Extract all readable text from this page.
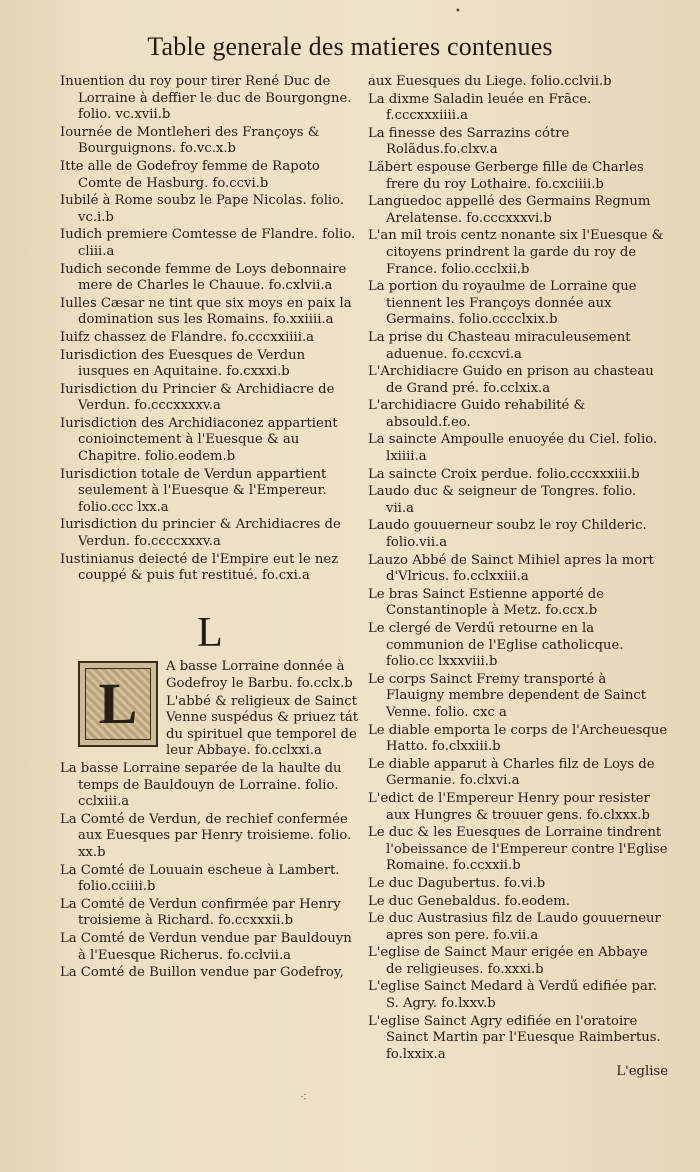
•
Table generale des matieres contenues
Inuention du roy pour tirer René Duc de Lorraine à deffier le duc de Bourgongne. folio. vc.xvii.b
Iournée de Montleheri des Françoys & Bourguignons. fo.vc.x.b
Itte alle de Godefroy femme de Rapoto Comte de Hasburg. fo.ccvi.b
Iubilé à Rome soubz le Pape Nicolas. folio. vc.i.b
Iudich premiere Comtesse de Flandre. folio. cliii.a
Iudich seconde femme de Loys debonnaire mere de Charles le Chauue. fo.cxlvii.a
Iulles Cæsar ne tint que six moys en paix la domination sus les Romains. fo.xxiiii.a
Iuifz chassez de Flandre. fo.cccxxiiii.a
Iurisdiction des Euesques de Verdun iusques en Aquitaine. fo.cxxxi.b
Iurisdiction du Princier & Archidiacre de Verdun. fo.cccxxxxv.a
Iurisdiction des Archidiaconez appartient conioinctement à l'Euesque & au Chapitre. folio.eodem.b
Iurisdiction totale de Verdun appartient seulement à l'Euesque & l'Empereur. folio.ccc lxx.a
Iurisdiction du princier & Archidiacres de Verdun. fo.ccccxxxv.a
Iustinianus deiecté de l'Empire eut le nez couppé & puis fut restitué. fo.cxi.a
L
L
A basse Lorraine donnée à Godefroy le Barbu. fo.cclx.b
L'abbé & religieux de Sainct Venne suspédus & priuez tát du spirituel que temporel de leur Abbaye. fo.cclxxi.a
La basse Lorraine separée de la haulte du temps de Bauldouyn de Lorraine. folio. cclxiii.a
La Comté de Verdun, de rechief confermée aux Euesques par Henry troisieme. folio. xx.b
La Comté de Louuain escheue à Lambert. folio.cciiii.b
La Comté de Verdun confirmée par Henry troisieme à Richard. fo.ccxxxii.b
La Comté de Verdun vendue par Bauldouyn à l'Euesque Richerus. fo.cclvii.a
La Comté de Buillon vendue par Godefroy,
aux Euesques du Liege. folio.cclvii.b
La dixme Saladin leuée en Frãce. f.cccxxxiiii.a
La finesse des Sarrazins cótre Rolãdus.fo.clxv.a
Läbert espouse Gerberge fille de Charles frere du roy Lothaire. fo.cxciiii.b
Languedoc appellé des Germains Regnum Arelatense. fo.cccxxxvi.b
L'an mil trois centz nonante six l'Euesque & citoyens prindrent la garde du roy de France. folio.ccclxii.b
La portion du royaulme de Lorraine que tiennent les Françoys donnée aux Germains. folio.cccclxix.b
La prise du Chasteau miraculeusement aduenue. fo.ccxcvi.a
L'Archidiacre Guido en prison au chasteau de Grand pré. fo.cclxix.a
L'archidiacre Guido rehabilité & absould.f.eo.
La saincte Ampoulle enuoyée du Ciel. folio. lxiiii.a
La saincte Croix perdue. folio.cccxxxiii.b
Laudo duc & seigneur de Tongres. folio. vii.a
Laudo gouuerneur soubz le roy Childeric. folio.vii.a
Lauzo Abbé de Sainct Mihiel apres la mort d'Vlricus. fo.cclxxiii.a
Le bras Sainct Estienne apporté de Constantinople à Metz. fo.ccx.b
Le clergé de Verdű retourne en la communion de l'Eglise catholicque. folio.cc lxxxviii.b
Le corps Sainct Fremy transporté à Flauigny membre dependent de Sainct Venne. folio. cxc a
Le diable emporta le corps de l'Archeuesque Hatto. fo.clxxiii.b
Le diable apparut à Charles filz de Loys de Germanie. fo.clxvi.a
L'edict de l'Empereur Henry pour resister aux Hungres & trouuer gens. fo.clxxx.b
Le duc & les Euesques de Lorraine tindrent l'obeissance de l'Empereur contre l'Eglise Romaine. fo.ccxxii.b
Le duc Dagubertus. fo.vi.b
Le duc Genebaldus. fo.eodem.
Le duc Austrasius filz de Laudo gouuerneur apres son pere. fo.vii.a
L'eglise de Sainct Maur erigée en Abbaye de religieuses. fo.xxxi.b
L'eglise Sainct Medard à Verdű edifiée par. S. Agry. fo.lxxv.b
L'eglise Sainct Agry edifiée en l'oratoire Sainct Martin par l'Euesque Raimbertus. fo.lxxix.a
L'eglise
⁖
